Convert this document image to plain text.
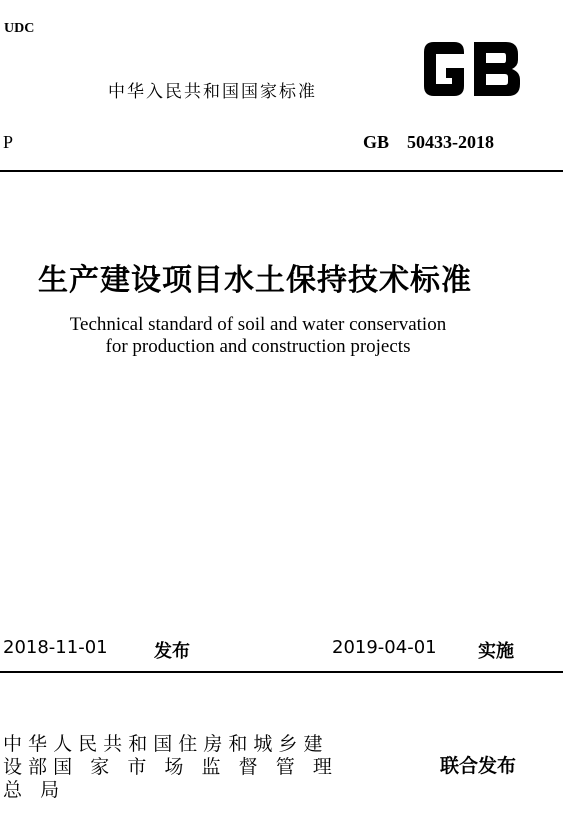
UDC
中华入民共和国国家标准
P	GB    50433-2018
生产建设项目水土保持技术标准
Technical standard of soil and water conservation
for production and construction projects
2018-11-01	发布	2019-04-01 实施
中 华 人 民 共 和 国 住 房 和 城 乡 建
设 部 国   家   市   场   监   督   管   理
总   局
联合发布
